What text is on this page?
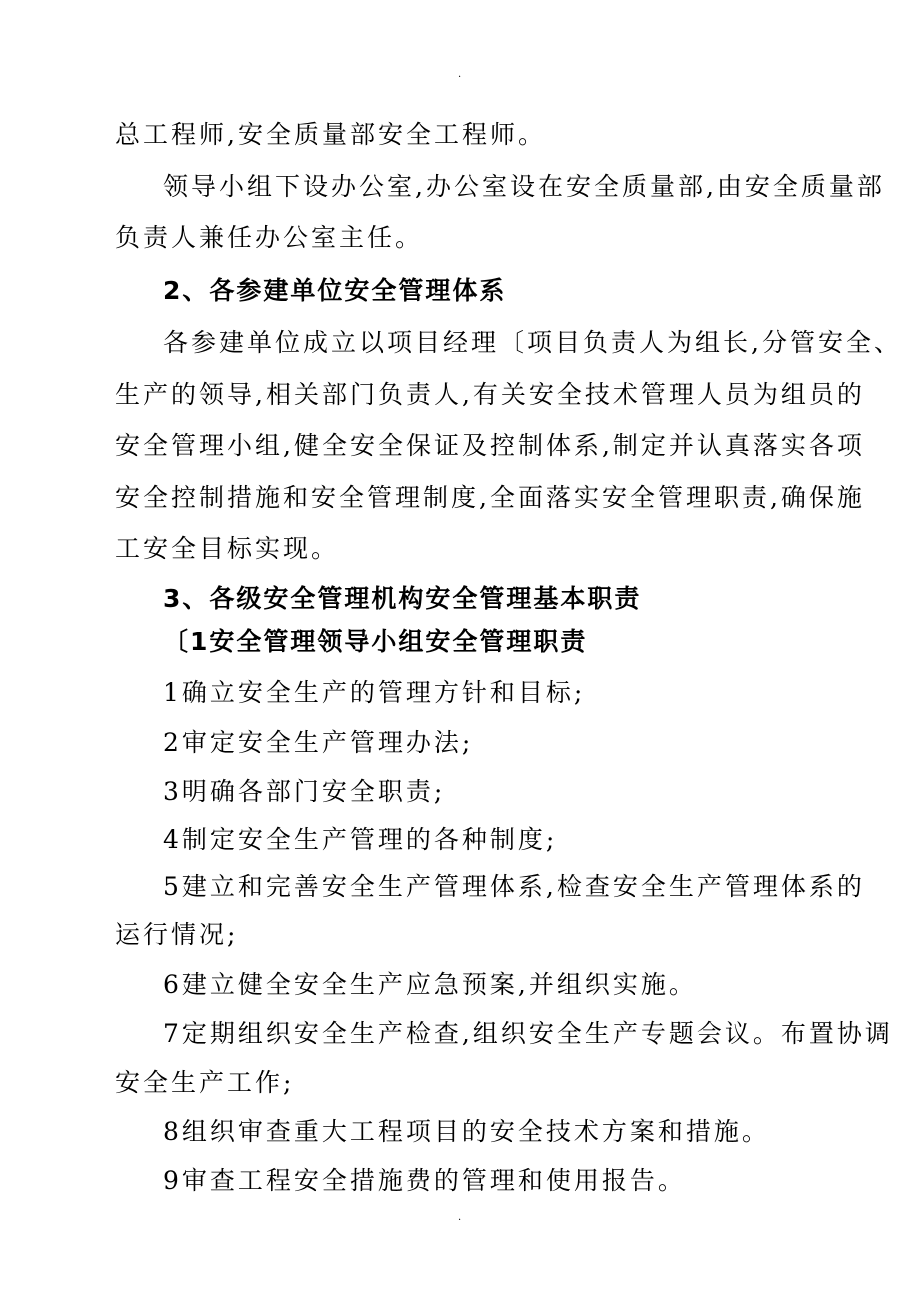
.
总工程师,安全质量部安全工程师。
领导小组下设办公室,办公室设在安全质量部,由安全质量部
负责人兼任办公室主任。
2、各参建单位安全管理体系
各参建单位成立以项目经理〔项目负责人为组长,分管安全、
生产的领导,相关部门负责人,有关安全技术管理人员为组员的
安全管理小组,健全安全保证及控制体系,制定并认真落实各项
安全控制措施和安全管理制度,全面落实安全管理职责,确保施
工安全目标实现。
3、各级安全管理机构安全管理基本职责
〔1安全管理领导小组安全管理职责
1确立安全生产的管理方针和目标;
2审定安全生产管理办法;
3明确各部门安全职责;
4制定安全生产管理的各种制度;
5建立和完善安全生产管理体系,检查安全生产管理体系的
运行情况;
6建立健全安全生产应急预案,并组织实施。
7定期组织安全生产检查,组织安全生产专题会议。布置协调
安全生产工作;
8组织审查重大工程项目的安全技术方案和措施。
9审查工程安全措施费的管理和使用报告。
.
